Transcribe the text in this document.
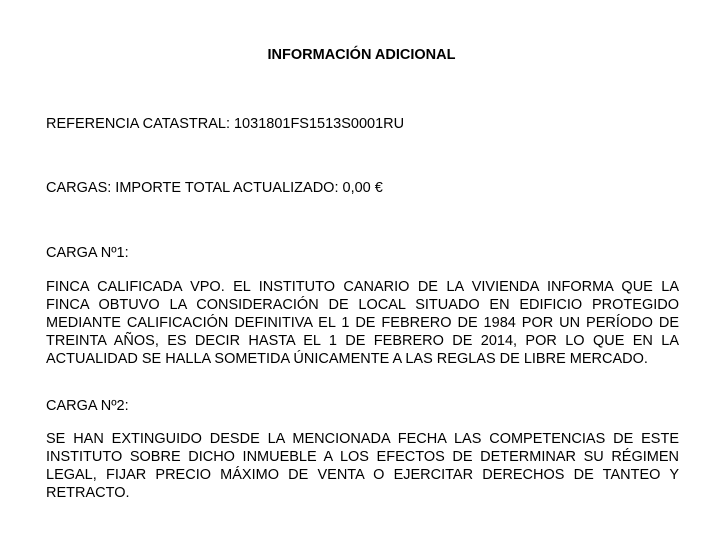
INFORMACIÓN ADICIONAL
REFERENCIA CATASTRAL: 1031801FS1513S0001RU
CARGAS: IMPORTE TOTAL ACTUALIZADO: 0,00 €
CARGA Nº1:
FINCA CALIFICADA VPO. EL INSTITUTO CANARIO DE LA VIVIENDA INFORMA QUE LA
FINCA OBTUVO LA CONSIDERACIÓN DE LOCAL SITUADO EN EDIFICIO PROTEGIDO
MEDIANTE CALIFICACIÓN DEFINITIVA EL 1 DE FEBRERO DE 1984 POR UN PERÍODO DE
TREINTA AÑOS, ES DECIR HASTA EL 1 DE FEBRERO DE 2014, POR LO QUE EN LA
ACTUALIDAD SE HALLA SOMETIDA ÚNICAMENTE A LAS REGLAS DE LIBRE MERCADO.
CARGA Nº2:
SE HAN EXTINGUIDO DESDE LA MENCIONADA FECHA LAS COMPETENCIAS DE ESTE
INSTITUTO SOBRE DICHO INMUEBLE A LOS EFECTOS DE DETERMINAR SU RÉGIMEN
LEGAL, FIJAR PRECIO MÁXIMO DE VENTA O EJERCITAR DERECHOS DE TANTEO Y
RETRACTO.
